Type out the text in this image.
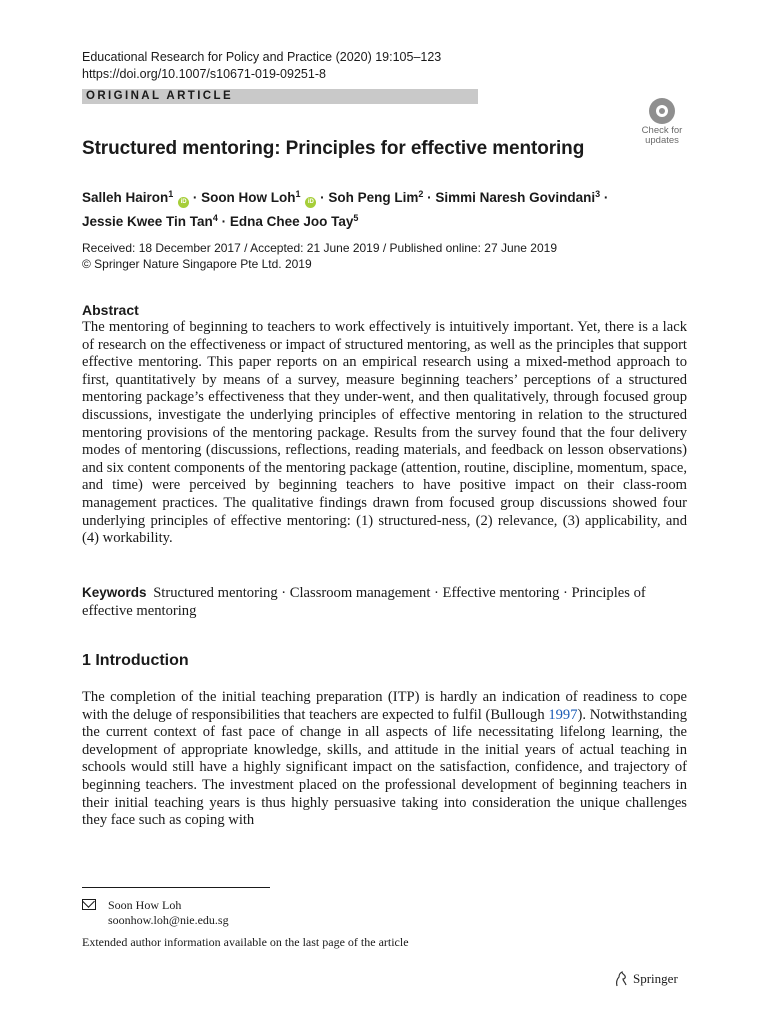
Educational Research for Policy and Practice (2020) 19:105–123
https://doi.org/10.1007/s10671-019-09251-8
ORIGINAL ARTICLE
Check for
updates
Structured mentoring: Principles for effective mentoring
Salleh Hairon$^1$ iD · Soon How Loh$^1$ iD · Soh Peng Lim$^2$ · Simmi Naresh Govindani$^3$ ·
Jessie Kwee Tin Tan$^4$ · Edna Chee Joo Tay$^5$
Received: 18 December 2017 / Accepted: 21 June 2019 / Published online: 27 June 2019
© Springer Nature Singapore Pte Ltd. 2019
Abstract
The mentoring of beginning to teachers to work effectively is intuitively important. Yet, there is a lack of research on the effectiveness or impact of structured mentoring, as well as the principles that support effective mentoring. This paper reports on an empirical research using a mixed-method approach to first, quantitatively by means of a survey, measure beginning teachers’ perceptions of a structured mentoring package’s effectiveness that they under-went, and then qualitatively, through focused group discussions, investigate the underlying principles of effective mentoring in relation to the structured mentoring provisions of the mentoring package. Results from the survey found that the four delivery modes of mentoring (discussions, reflections, reading materials, and feedback on lesson observations) and six content components of the mentoring package (attention, routine, discipline, momentum, space, and time) were perceived by beginning teachers to have positive impact on their class-room management practices. The qualitative findings drawn from focused group discussions showed four underlying principles of effective mentoring: (1) structured-ness, (2) relevance, (3) applicability, and (4) workability.
Keywords Structured mentoring · Classroom management · Effective mentoring · Principles of effective mentoring
1 Introduction
The completion of the initial teaching preparation (ITP) is hardly an indication of readiness to cope with the deluge of responsibilities that teachers are expected to fulfil (Bullough 1997). Notwithstanding the current context of fast pace of change in all aspects of life necessitating lifelong learning, the development of appropriate knowledge, skills, and attitude in the initial years of actual teaching in schools would still have a highly significant impact on the satisfaction, confidence, and trajectory of beginning teachers. The investment placed on the professional development of beginning teachers in their initial teaching years is thus highly persuasive taking into consideration the unique challenges they face such as coping with
Soon How Loh
soonhow.loh@nie.edu.sg
Extended author information available on the last page of the article
Springer
